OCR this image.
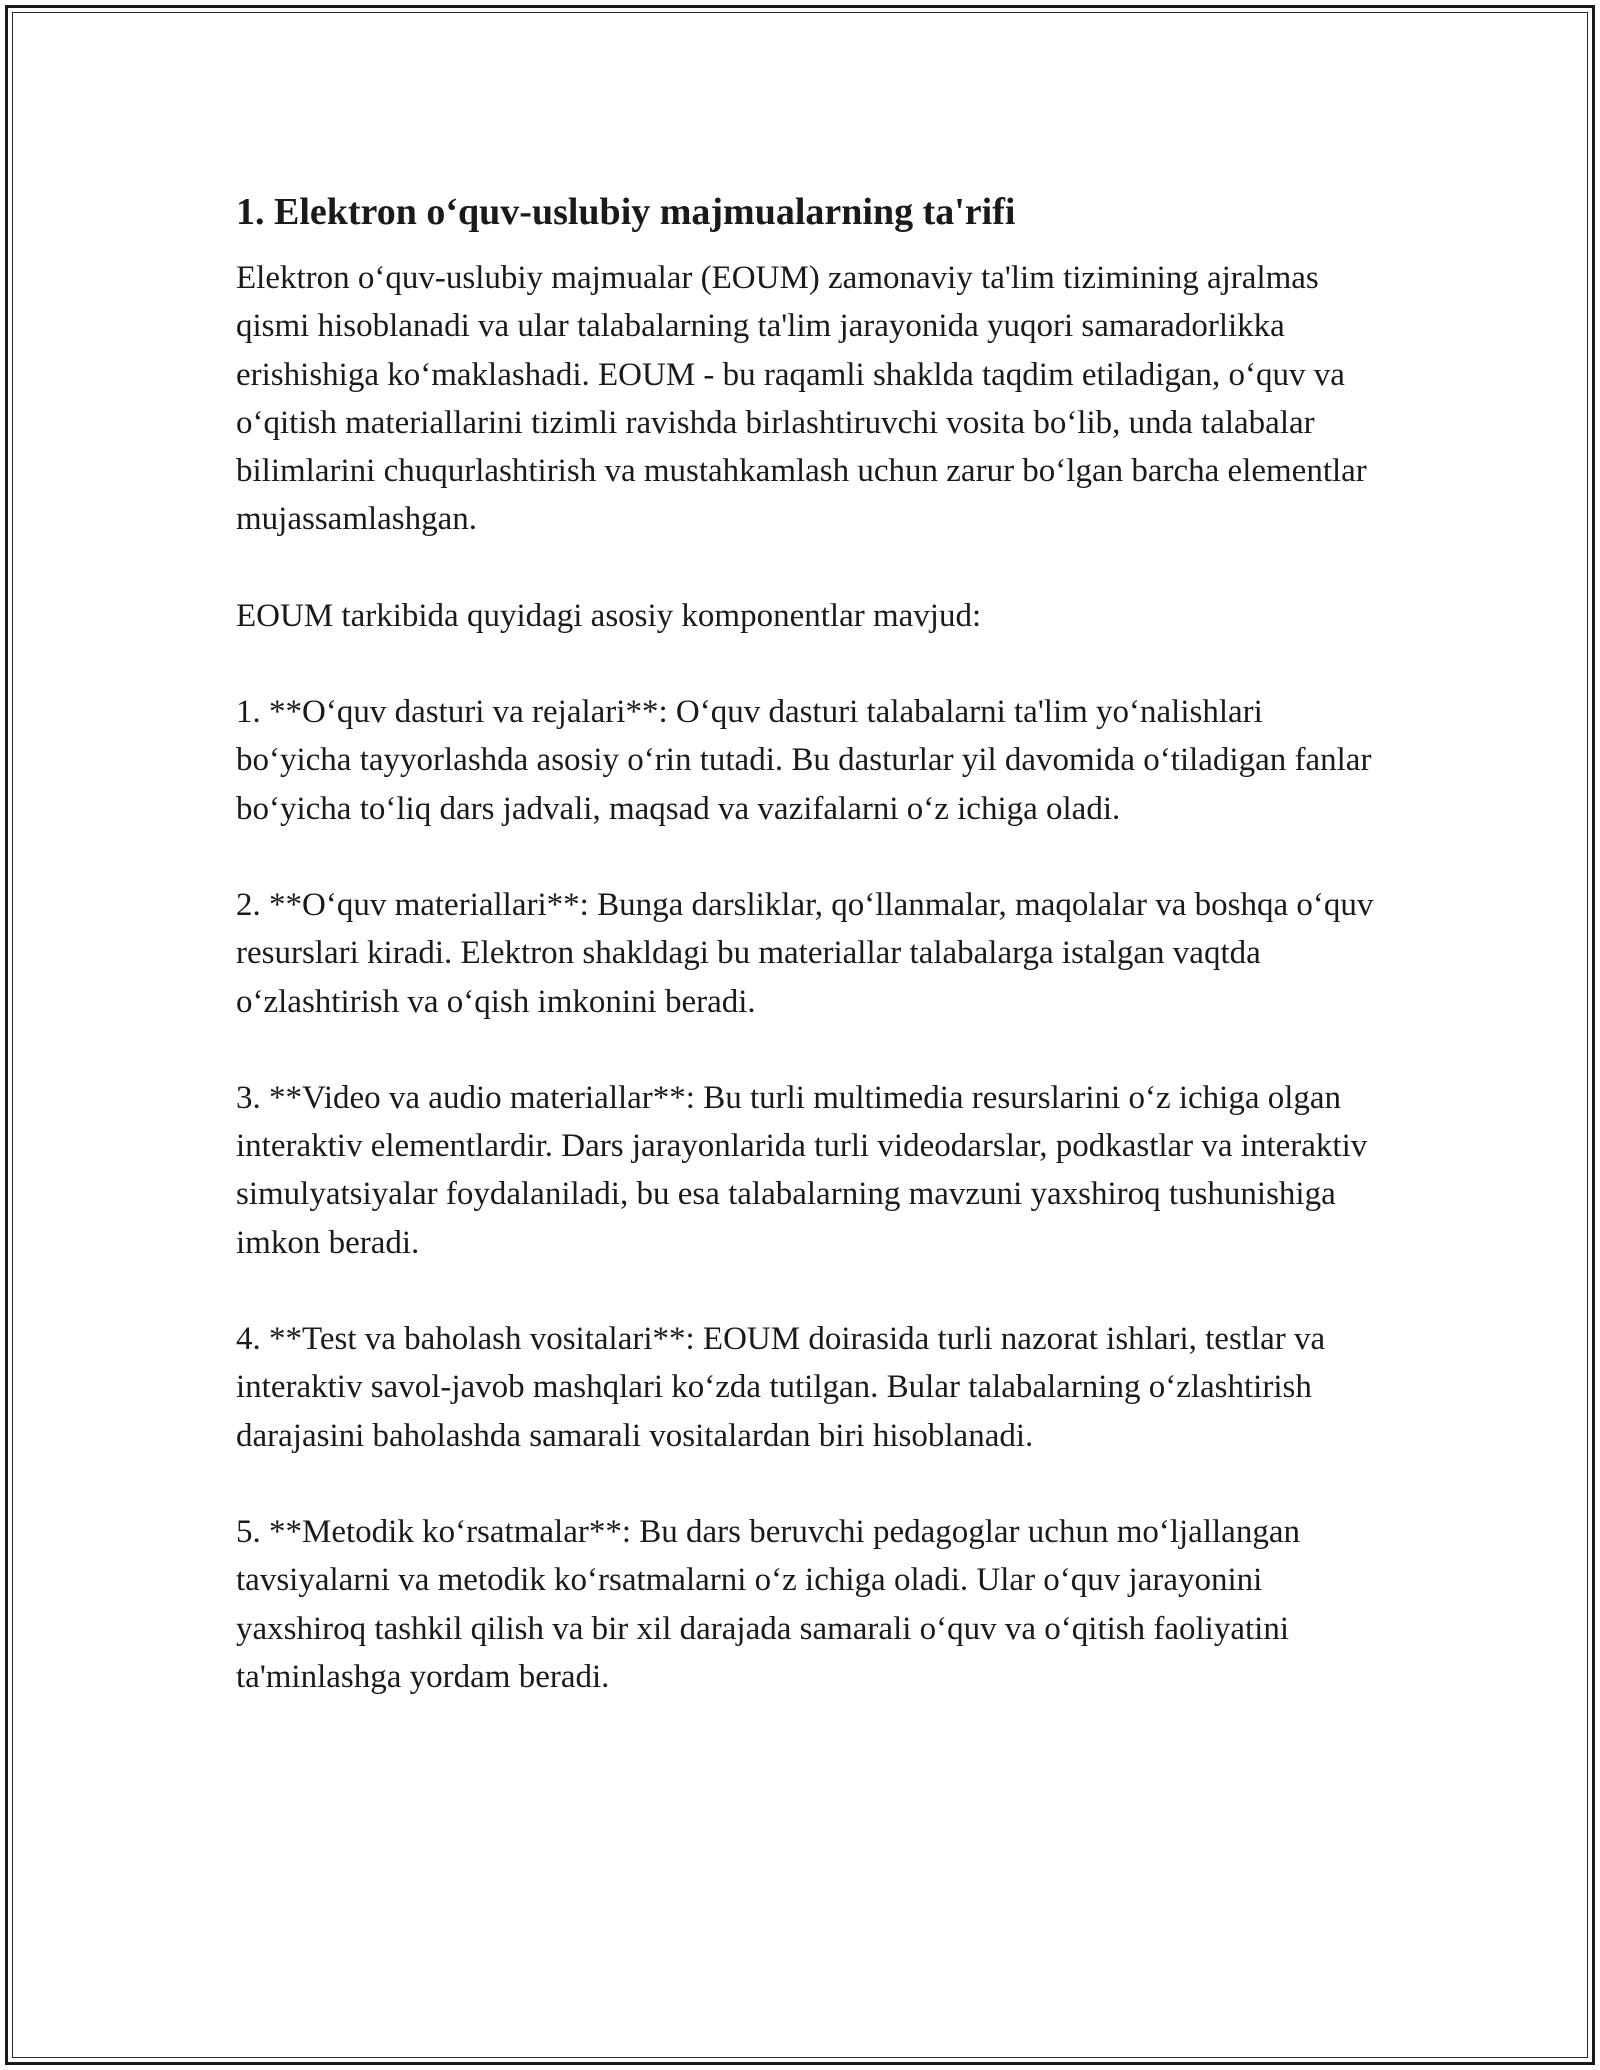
1. Elektron o‘quv-uslubiy majmualarning ta'rifi

Elektron o‘quv-uslubiy majmualar (EOUM) zamonaviy ta'lim tizimining ajralmas qismi hisoblanadi va ular talabalarning ta'lim jarayonida yuqori samaradorlikka erishishiga ko‘maklashadi. EOUM - bu raqamli shaklda taqdim etiladigan, o‘quv va o‘qitish materiallarini tizimli ravishda birlashtiruvchi vosita bo‘lib, unda talabalar bilimlarini chuqurlashtirish va mustahkamlash uchun zarur bo‘lgan barcha elementlar mujassamlashgan.

EOUM tarkibida quyidagi asosiy komponentlar mavjud:

1. **O‘quv dasturi va rejalari**: O‘quv dasturi talabalarni ta'lim yo‘nalishlari bo‘yicha tayyorlashda asosiy o‘rin tutadi. Bu dasturlar yil davomida o‘tiladigan fanlar bo‘yicha to‘liq dars jadvali, maqsad va vazifalarni o‘z ichiga oladi.

2. **O‘quv materiallari**: Bunga darsliklar, qo‘llanmalar, maqolalar va boshqa o‘quv resurslari kiradi. Elektron shakldagi bu materiallar talabalarga istalgan vaqtda o‘zlashtirish va o‘qish imkonini beradi.

3. **Video va audio materiallar**: Bu turli multimedia resurslarini o‘z ichiga olgan interaktiv elementlardir. Dars jarayonlarida turli videodarslar, podkastlar va interaktiv simulyatsiyalar foydalaniladi, bu esa talabalarning mavzuni yaxshiroq tushunishiga imkon beradi.

4. **Test va baholash vositalari**: EOUM doirasida turli nazorat ishlari, testlar va interaktiv savol-javob mashqlari ko‘zda tutilgan. Bular talabalarning o‘zlashtirish darajasini baholashda samarali vositalardan biri hisoblanadi.

5. **Metodik ko‘rsatmalar**: Bu dars beruvchi pedagoglar uchun mo‘ljallangan tavsiyalarni va metodik ko‘rsatmalarni o‘z ichiga oladi. Ular o‘quv jarayonini yaxshiroq tashkil qilish va bir xil darajada samarali o‘quv va o‘qitish faoliyatini ta'minlashga yordam beradi.
